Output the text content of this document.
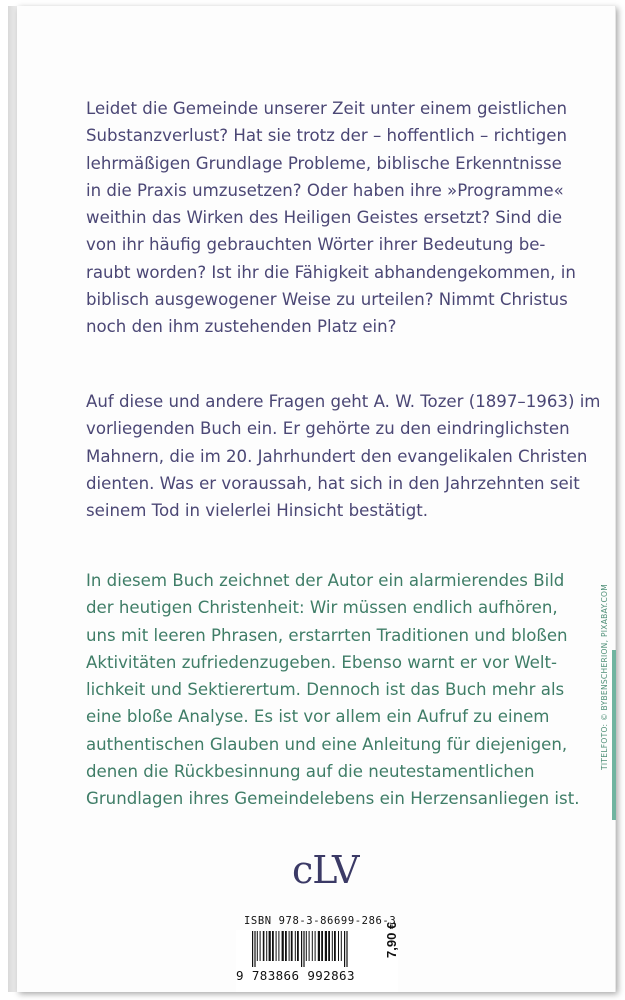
Leidet die Gemeinde unserer Zeit unter einem geistlichen
Substanzverlust? Hat sie trotz der – hoffentlich – richtigen
lehrmäßigen Grundlage Probleme, biblische Erkenntnisse
in die Praxis umzusetzen? Oder haben ihre »Programme«
weithin das Wirken des Heiligen Geistes ersetzt? Sind die
von ihr häufig gebrauchten Wörter ihrer Bedeutung be-
raubt worden? Ist ihr die Fähigkeit abhandengekommen, in
biblisch ausgewogener Weise zu urteilen? Nimmt Christus
noch den ihm zustehenden Platz ein?

Auf diese und andere Fragen geht A. W. Tozer (1897–1963) im
vorliegenden Buch ein. Er gehörte zu den eindringlichsten
Mahnern, die im 20. Jahrhundert den evangelikalen Christen
dienten. Was er voraussah, hat sich in den Jahrzehnten seit
seinem Tod in vielerlei Hinsicht bestätigt.

In diesem Buch zeichnet der Autor ein alarmierendes Bild
der heutigen Christenheit: Wir müssen endlich aufhören,
uns mit leeren Phrasen, erstarrten Traditionen und bloßen
Aktivitäten zufriedenzugeben. Ebenso warnt er vor Welt-
lichkeit und Sektierertum. Dennoch ist das Buch mehr als
eine bloße Analyse. Es ist vor allem ein Aufruf zu einem
authentischen Glauben und eine Anleitung für diejenigen,
denen die Rückbesinnung auf die neutestamentlichen
Grundlagen ihres Gemeindelebens ein Herzensanliegen ist.

TITELFOTO: © BYBENSCHERION, PIXABAY.COM
cLV
ISBN 978-3-86699-286-3
9 783866 992863
7,90 €
